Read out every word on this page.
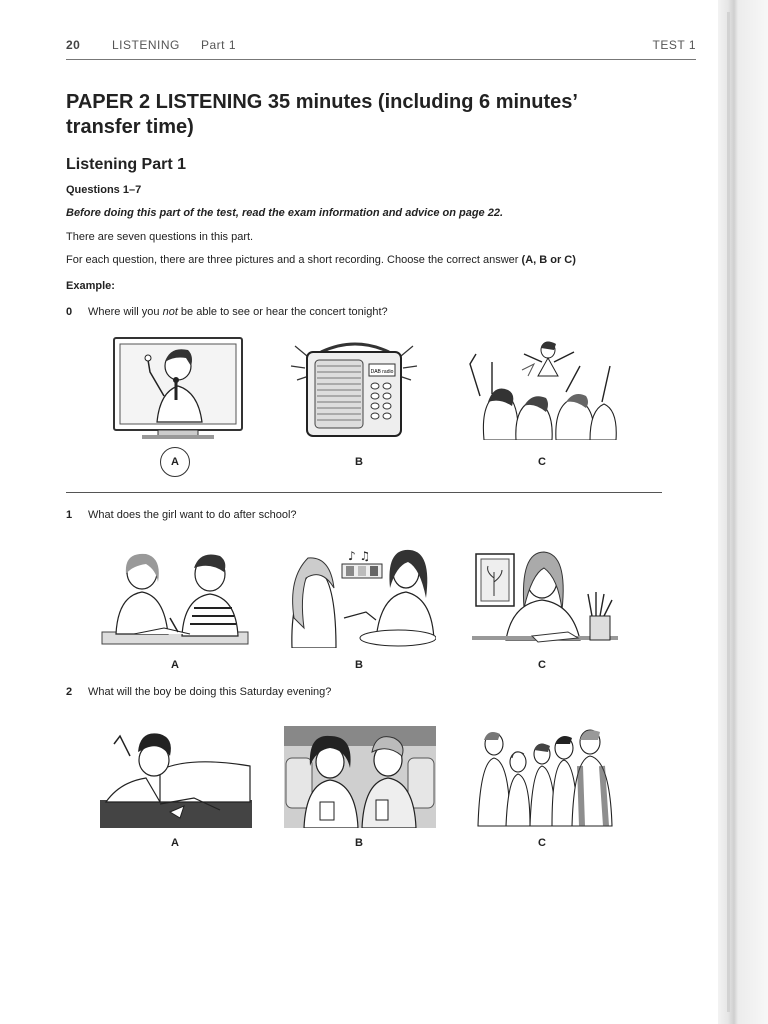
20	LISTENING Part 1	TEST 1
PAPER 2 LISTENING 35 minutes (including 6 minutes’ transfer time)
Listening Part 1
Questions 1–7
Before doing this part of the test, read the exam information and advice on page 22.
There are seven questions in this part.
For each question, there are three pictures and a short recording. Choose the correct answer (A, B or C)
Example:
0 Where will you not be able to see or hear the concert tonight?
A
DAB radio
B	C
1 What does the girl want to do after school?
A
♪ ♫
B	C
2 What will the boy be doing this Saturday evening?
A	B	C
